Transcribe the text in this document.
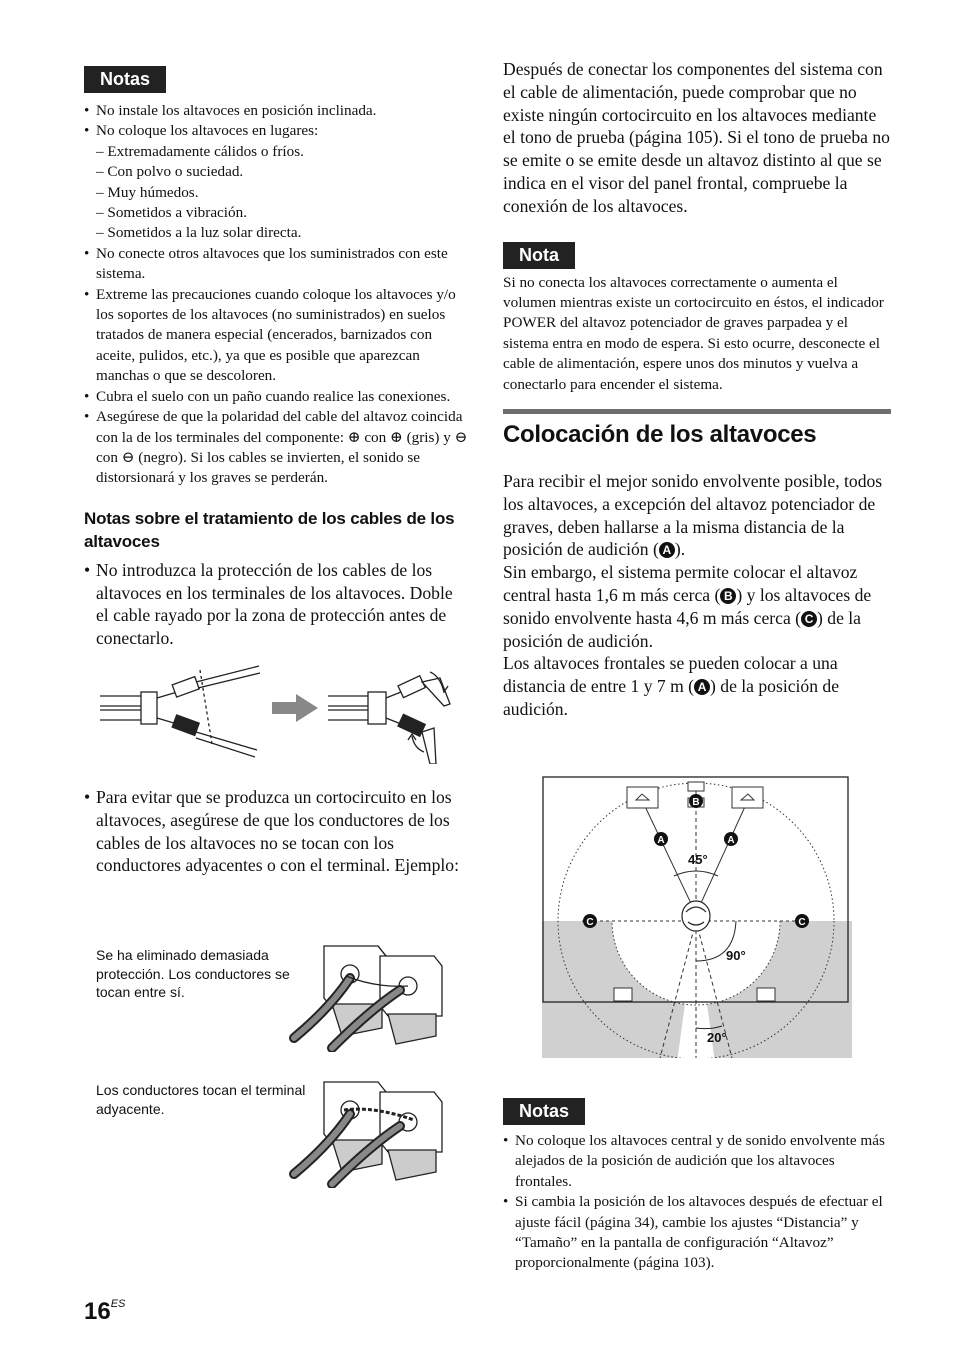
Notas
• No instale los altavoces en posición inclinada.
• No coloque los altavoces en lugares:
– Extremadamente cálidos o fríos.
– Con polvo o suciedad.
– Muy húmedos.
– Sometidos a vibración.
– Sometidos a la luz solar directa.
• No conecte otros altavoces que los suministrados con este sistema.
• Extreme las precauciones cuando coloque los altavoces y/o los soportes de los altavoces (no suministrados) en suelos tratados de manera especial (encerados, barnizados con aceite, pulidos, etc.), ya que es posible que aparezcan manchas o que se descoloren.
• Cubra el suelo con un paño cuando realice las conexiones.
• Asegúrese de que la polaridad del cable del altavoz coincida con la de los terminales del componente: ⊕ con ⊕ (gris) y ⊖ con ⊖ (negro). Si los cables se invierten, el sonido se distorsionará y los graves se perderán.
Notas sobre el tratamiento de los cables de los altavoces
• No introduzca la protección de los cables de los altavoces en los terminales de los altavoces. Doble el cable rayado por la zona de protección antes de conectarlo.
• Para evitar que se produzca un cortocircuito en los altavoces, asegúrese de que los conductores de los cables de los altavoces no se tocan con los conductores adyacentes o con el terminal. Ejemplo:
Se ha eliminado demasiada protección. Los conductores se tocan entre sí.
Los conductores tocan el terminal adyacente.

Después de conectar los componentes del sistema con el cable de alimentación, puede comprobar que no existe ningún cortocircuito en los altavoces mediante el tono de prueba (página 105). Si el tono de prueba no se emite o se emite desde un altavoz distinto al que se indica en el visor del panel frontal, compruebe la conexión de los altavoces.

Nota

Si no conecta los altavoces correctamente o aumenta el volumen mientras existe un cortocircuito en éstos, el indicador POWER del altavoz potenciador de graves parpadea y el sistema entra en modo de espera. Si esto ocurre, desconecte el cable de alimentación, espere unos dos minutos y vuelva a conectarlo para encender el sistema.

Colocación de los altavoces
Para recibir el mejor sonido envolvente posible, todos los altavoces, a excepción del altavoz potenciador de graves, deben hallarse a la misma distancia de la posición de audición ( A ).
Sin embargo, el sistema permite colocar el altavoz central hasta 1,6 m más cerca ( B ) y los altavoces de sonido envolvente hasta 4,6 m más cerca ( C ) de la posición de audición.
Los altavoces frontales se pueden colocar a una distancia de entre 1 y 7 m ( A ) de la posición de audición.
45°
90°
20°
A	A
B
C	C
Notas
• No coloque los altavoces central y de sonido envolvente más alejados de la posición de audición que los altavoces frontales.
• Si cambia la posición de los altavoces después de efectuar el ajuste fácil (página 34), cambie los ajustes “Distancia” y “Tamaño” en la pantalla de configuración “Altavoz” proporcionalmente (página 103).
$16^{ES}$
